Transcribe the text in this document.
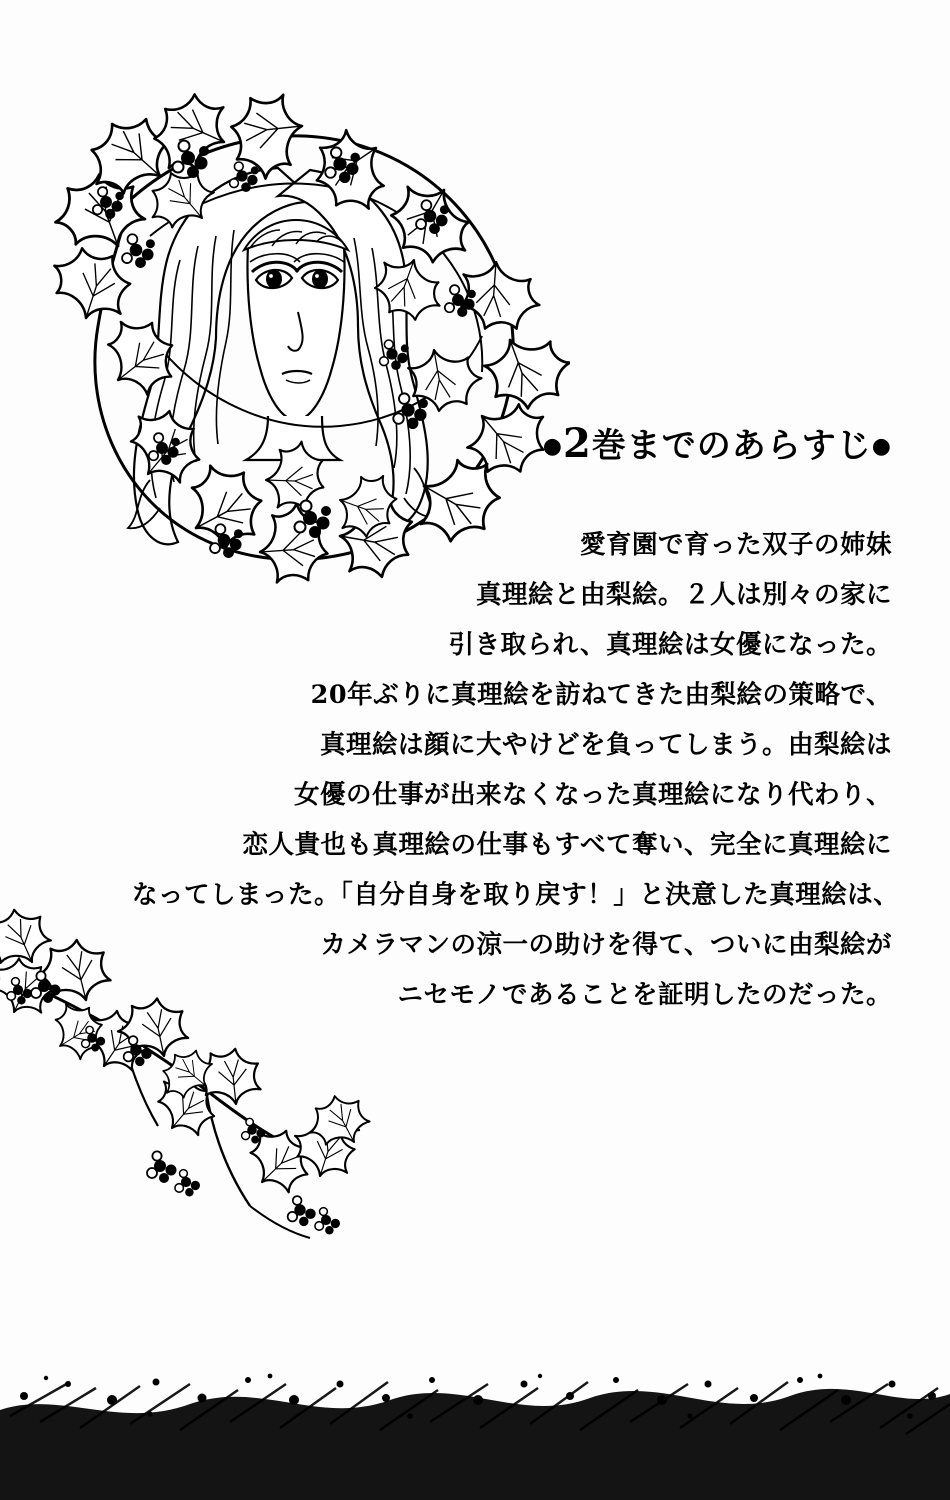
●2巻までのあらすじ●
愛育園で育った双子の姉妹
真理絵と由梨絵。２人は別々の家に
引き取られ、真理絵は女優になった。
20年ぶりに真理絵を訪ねてきた由梨絵の策略で、
真理絵は顔に大やけどを負ってしまう。由梨絵は
女優の仕事が出来なくなった真理絵になり代わり、
恋人貴也も真理絵の仕事もすべて奪い、完全に真理絵に
なってしまった。「自分自身を取り戻す！」と決意した真理絵は、
カメラマンの涼一の助けを得て、ついに由梨絵が
ニセモノであることを証明したのだった。
